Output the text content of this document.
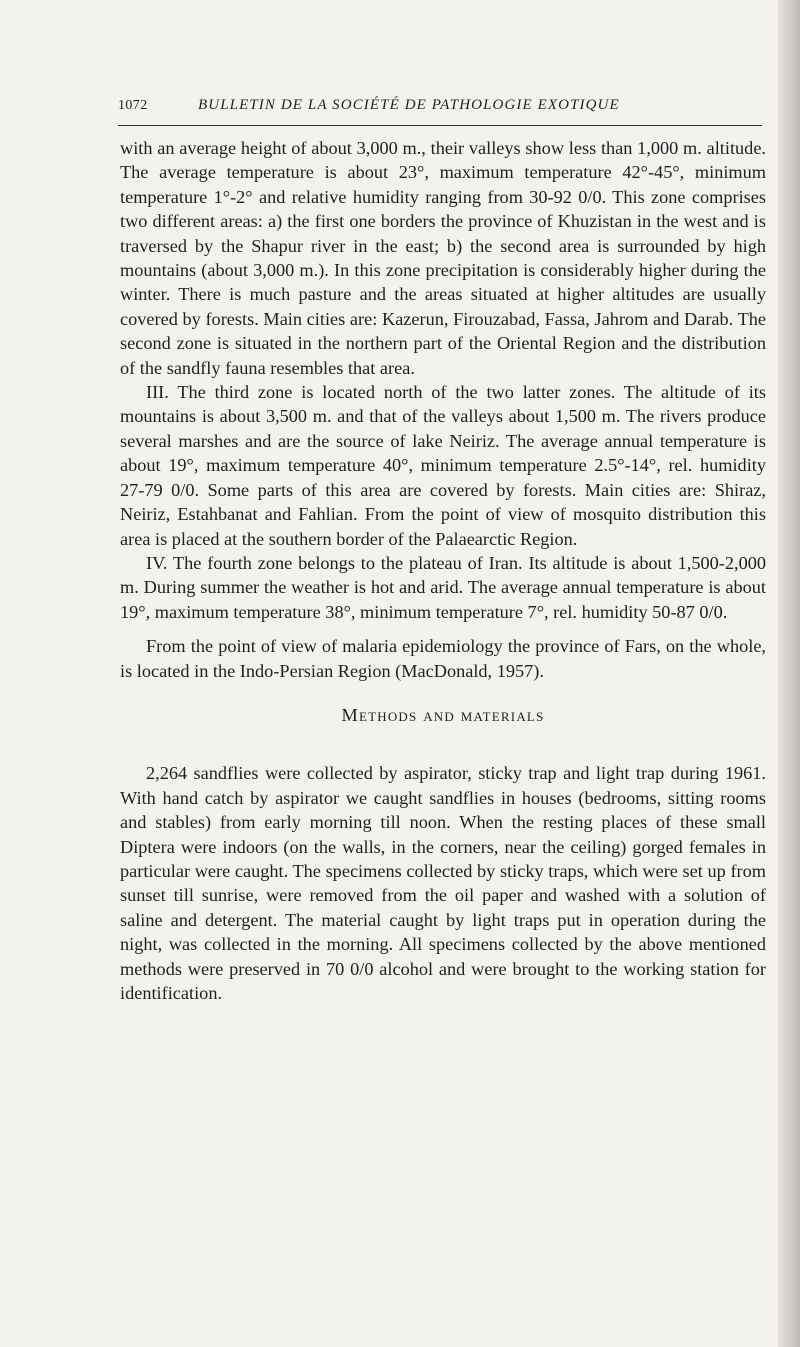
1072	BULLETIN DE LA SOCIÉTÉ DE PATHOLOGIE EXOTIQUE

with an average height of about 3,000 m., their valleys show less than 1,000 m. altitude. The average temperature is about 23°, maximum temperature 42°-45°, minimum temperature 1°-2° and relative humidity ranging from 30-92 0/0. This zone comprises two different areas: a) the first one borders the province of Khuzistan in the west and is traversed by the Shapur river in the east; b) the second area is surrounded by high mountains (about 3,000 m.). In this zone precipitation is considerably higher during the winter. There is much pasture and the areas situated at higher altitudes are usually covered by forests. Main cities are: Kazerun, Firouzabad, Fassa, Jahrom and Darab. The second zone is situated in the northern part of the Oriental Region and the distribution of the sandfly fauna resembles that area.

III. The third zone is located north of the two latter zones. The altitude of its mountains is about 3,500 m. and that of the valleys about 1,500 m. The rivers produce several marshes and are the source of lake Neiriz. The average annual temperature is about 19°, maximum temperature 40°, minimum temperature 2.5°-14°, rel. humidity 27-79 0/0. Some parts of this area are covered by forests. Main cities are: Shiraz, Neiriz, Estahbanat and Fahlian. From the point of view of mosquito distribution this area is placed at the southern border of the Palaearctic Region.

IV. The fourth zone belongs to the plateau of Iran. Its altitude is about 1,500-2,000 m. During summer the weather is hot and arid. The average annual temperature is about 19°, maximum temperature 38°, minimum temperature 7°, rel. humidity 50-87 0/0.

From the point of view of malaria epidemiology the province of Fars, on the whole, is located in the Indo-Persian Region (MacDonald, 1957).

Methods and materials

2,264 sandflies were collected by aspirator, sticky trap and light trap during 1961. With hand catch by aspirator we caught sandflies in houses (bedrooms, sitting rooms and stables) from early morning till noon. When the resting places of these small Diptera were indoors (on the walls, in the corners, near the ceiling) gorged females in particular were caught. The specimens collected by sticky traps, which were set up from sunset till sunrise, were removed from the oil paper and washed with a solution of saline and detergent. The material caught by light traps put in operation during the night, was collected in the morning. All specimens collected by the above mentioned methods were preserved in 70 0/0 alcohol and were brought to the working station for identification.
